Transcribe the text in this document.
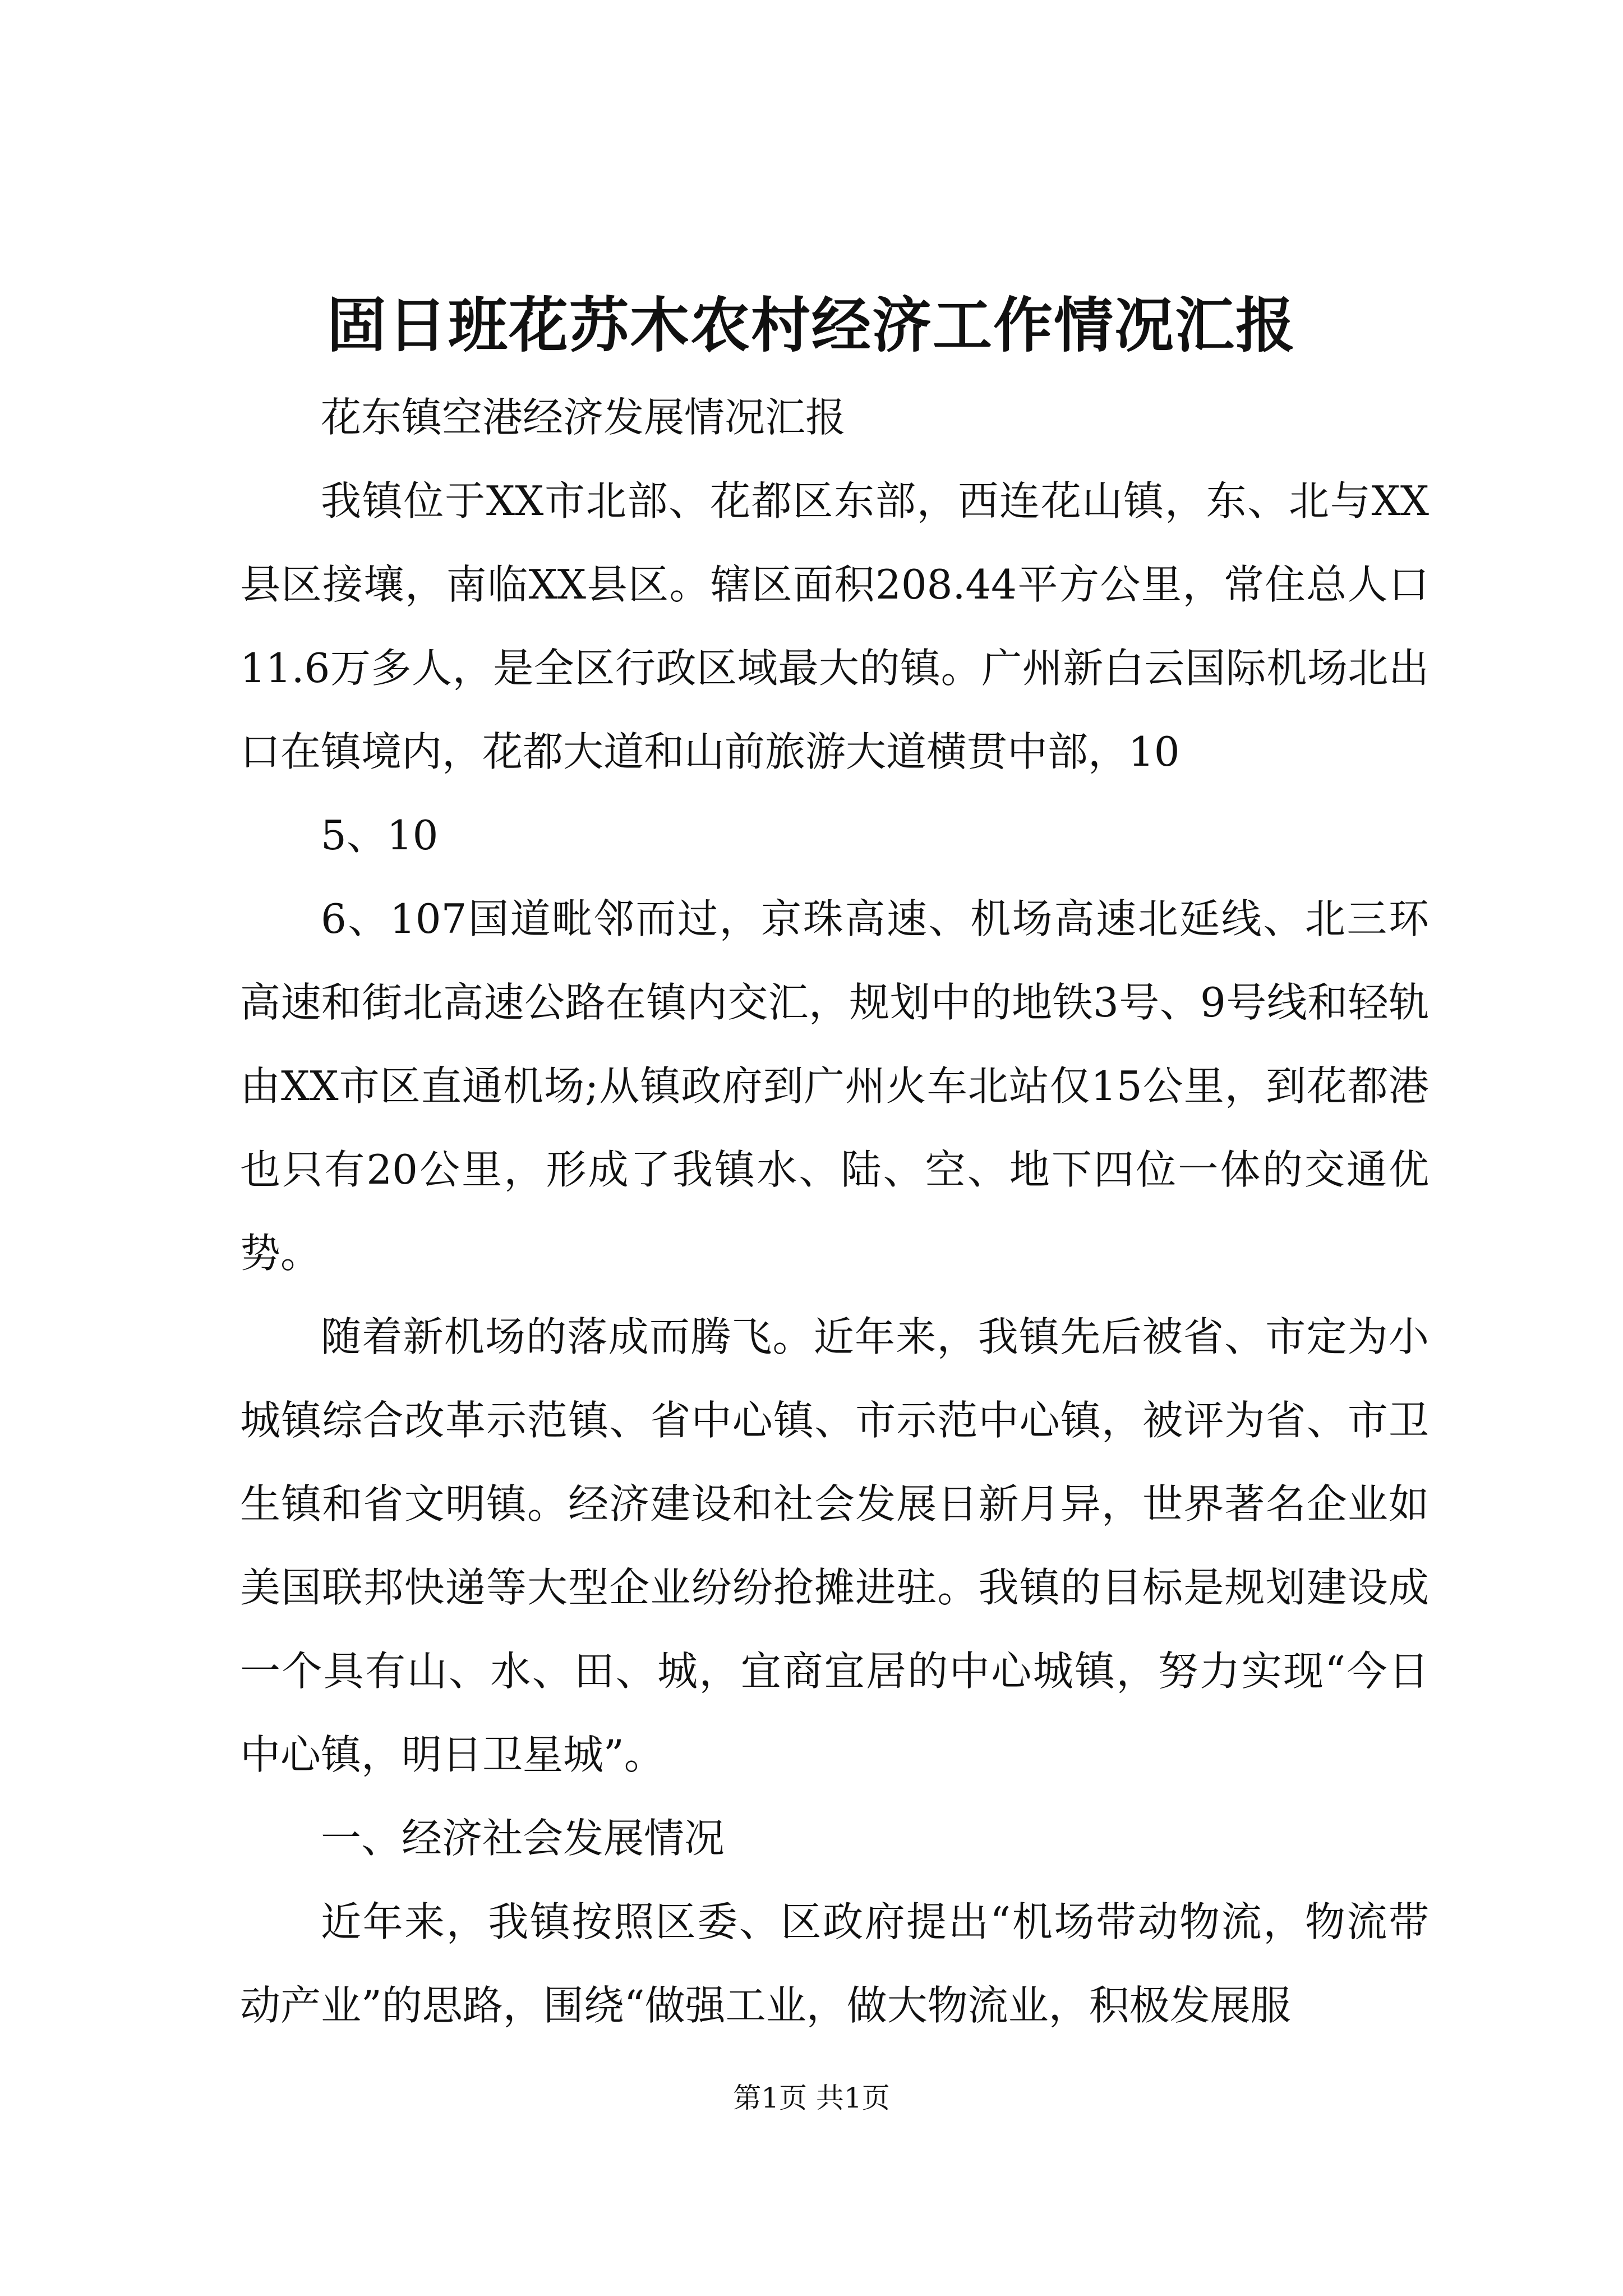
固日班花苏木农村经济工作情况汇报

花东镇空港经济发展情况汇报

我镇位于XX市北部、花都区东部，西连花山镇，东、北与XX县区接壤，南临XX县区。辖区面积208.44平方公里，常住总人口11.6万多人，是全区行政区域最大的镇。广州新白云国际机场北出口在镇境内，花都大道和山前旅游大道横贯中部，10

5、10

6、107国道毗邻而过，京珠高速、机场高速北延线、北三环高速和街北高速公路在镇内交汇，规划中的地铁3号、9号线和轻轨由XX市区直通机场;从镇政府到广州火车北站仅15公里，到花都港也只有20公里，形成了我镇水、陆、空、地下四位一体的交通优势。

随着新机场的落成而腾飞。近年来，我镇先后被省、市定为小城镇综合改革示范镇、省中心镇、市示范中心镇，被评为省、市卫生镇和省文明镇。经济建设和社会发展日新月异，世界著名企业如美国联邦快递等大型企业纷纷抢摊进驻。我镇的目标是规划建设成一个具有山、水、田、城，宜商宜居的中心城镇，努力实现“今日中心镇，明日卫星城”。

一、经济社会发展情况

近年来，我镇按照区委、区政府提出“机场带动物流，物流带动产业”的思路，围绕“做强工业，做大物流业，积极发展服

第1页 共1页
